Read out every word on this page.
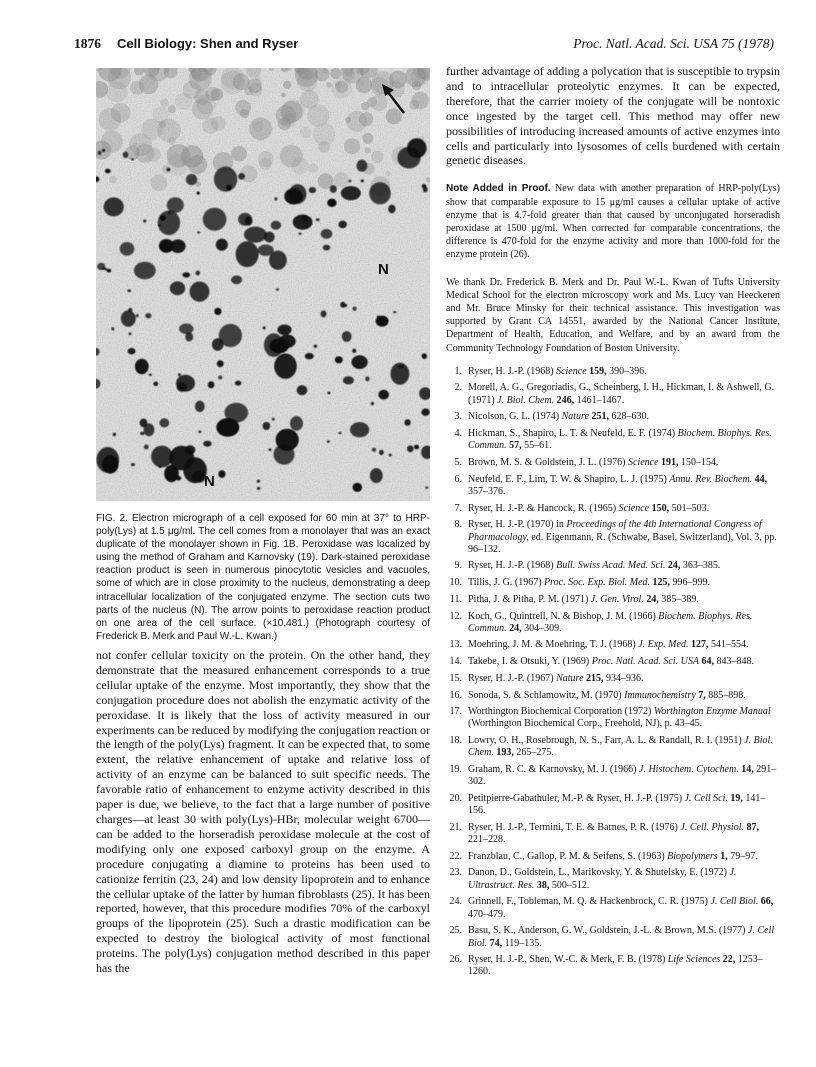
1876 Cell Biology: Shen and Ryser	Proc. Natl. Acad. Sci. USA 75 (1978)
N
N
FIG. 2. Electron micrograph of a cell exposed for 60 min at 37° to HRP-poly(Lys) at 1.5 μg/ml. The cell comes from a monolayer that was an exact duplicate of the monolayer shown in Fig. 1B. Peroxidase was localized by using the method of Graham and Karnovsky (19). Dark-stained peroxidase reaction product is seen in numerous pinocytotic vesicles and vacuoles, some of which are in close proximity to the nucleus, demonstrating a deep intracellular localization of the conjugated enzyme. The section cuts two parts of the nucleus (N). The arrow points to peroxidase reaction product on one area of the cell surface. (×10,481.) (Photograph courtesy of Frederick B. Merk and Paul W.-L. Kwan.)
not confer cellular toxicity on the protein. On the other hand, they demonstrate that the measured enhancement corresponds to a true cellular uptake of the enzyme. Most importantly, they show that the conjugation procedure does not abolish the enzymatic activity of the peroxidase. It is likely that the loss of activity measured in our experiments can be reduced by modifying the conjugation reaction or the length of the poly(Lys) fragment. It can be expected that, to some extent, the relative enhancement of uptake and relative loss of activity of an enzyme can be balanced to suit specific needs. The favorable ratio of enhancement to enzyme activity described in this paper is due, we believe, to the fact that a large number of positive charges—at least 30 with poly(Lys)-HBr, molecular weight 6700—can be added to the horseradish peroxidase molecule at the cost of modifying only one exposed carboxyl group on the enzyme. A procedure conjugating a diamine to proteins has been used to cationize ferritin (23, 24) and low density lipoprotein and to enhance the cellular uptake of the latter by human fibroblasts (25). It has been reported, however, that this procedure modifies 70% of the carboxyl groups of the lipoprotein (25). Such a drastic modification can be expected to destroy the biological activity of most functional proteins. The poly(Lys) conjugation method described in this paper has the

further advantage of adding a polycation that is susceptible to trypsin and to intracellular proteolytic enzymes. It can be expected, therefore, that the carrier moiety of the conjugate will be nontoxic once ingested by the target cell. This method may offer new possibilities of introducing increased amounts of active enzymes into cells and particularly into lysosomes of cells burdened with certain genetic diseases.

Note Added in Proof. New data with another preparation of HRP-poly(Lys) show that comparable exposure to 15 μg/ml causes a cellular uptake of active enzyme that is 4.7-fold greater than that caused by unconjugated horseradish peroxidase at 1500 μg/ml. When corrected for comparable concentrations, the difference is 470-fold for the enzyme activity and more than 1000-fold for the enzyme protein (26).

We thank Dr. Frederick B. Merk and Dr. Paul W.-L. Kwan of Tufts University Medical School for the electron microscopy work and Ms. Lucy van Heeckeren and Mr. Bruce Minsky for their technical assistance. This investigation was supported by Grant CA 14551, awarded by the National Cancer Institute, Department of Health, Education, and Welfare, and by an award from the Community Technology Foundation of Boston University.

1. Ryser, H. J.-P. (1968) Science 159, 390–396.
2. Morell, A. G., Gregoriadis, G., Scheinberg, I. H., Hickman, I. & Ashwell, G. (1971) J. Biol. Chem. 246, 1461–1467.
3. Nicolson, G. L. (1974) Nature 251, 628–630.
4. Hickman, S., Shapiro, L. T. & Neufeld, E. F. (1974) Biochem. Biophys. Res. Commun. 57, 55–61.
5. Brown, M. S. & Goldstein, J. L. (1976) Science 191, 150–154.
6. Neufeld, E. F., Lim, T. W. & Shapiro, L. J. (1975) Annu. Rev. Biochem. 44, 357–376.
7. Ryser, H. J.-P. & Hancock, R. (1965) Science 150, 501–503.
8. Ryser, H. J.-P. (1970) in Proceedings of the 4th International Congress of Pharmacology, ed. Eigenmann, R. (Schwabe, Basel, Switzerland), Vol. 3, pp. 96–132.
9. Ryser, H. J.-P. (1968) Bull. Swiss Acad. Med. Sci. 24, 363–385.
10. Tillis, J. G. (1967) Proc. Soc. Exp. Biol. Med. 125, 996–999.
11. Pitha, J. & Pitha, P. M. (1971) J. Gen. Virol. 24, 385–389.
12. Koch, G., Quintrell, N. & Bishop, J. M. (1966) Biochem. Biophys. Res. Commun. 24, 304–309.
13. Moehring, J. M. & Moehring, T. J. (1968) J. Exp. Med. 127, 541–554.
14. Takebe, I. & Otsuki, Y. (1969) Proc. Natl. Acad. Sci. USA 64, 843–848.
15. Ryser, H. J.-P. (1967) Nature 215, 934–936.
16. Sonoda, S. & Schlamowitz, M. (1970) Immunochemistry 7, 885–898.
17. Worthington Biochemical Corporation (1972) Worthington Enzyme Manual (Worthington Biochemical Corp., Freehold, NJ), p. 43–45.
18. Lowry, O. H., Rosebrough, N. S., Farr, A. L. & Randall, R. I. (1951) J. Biol. Chem. 193, 265–275.
19. Graham, R. C. & Karnovsky, M. J. (1966) J. Histochem. Cytochem. 14, 291–302.
20. Petitpierre-Gabathuler, M.-P. & Ryser, H. J.-P. (1975) J. Cell Sci. 19, 141–156.
21. Ryser, H. J.-P., Termini, T. E. & Barnes, P. R. (1976) J. Cell. Physiol. 87, 221–228.
22. Franzblau, C., Gallop, P. M. & Seifens, S. (1963) Biopolymers 1, 79–97.
23. Danon, D., Goldstein, L., Marikovsky, Y. & Shutelsky, E. (1972) J. Ultrastruct. Res. 38, 500–512.
24. Grinnell, F., Tobleman, M. Q. & Hackenbrock, C. R. (1975) J. Cell Biol. 66, 470–479.
25. Basu, S. K., Anderson, G. W., Goldstein, J.-L. & Brown, M.S. (1977) J. Cell Biol. 74, 119–135.
26. Ryser, H. J.-P., Shen, W.-C. & Merk, F. B. (1978) Life Sciences 22, 1253–1260.
